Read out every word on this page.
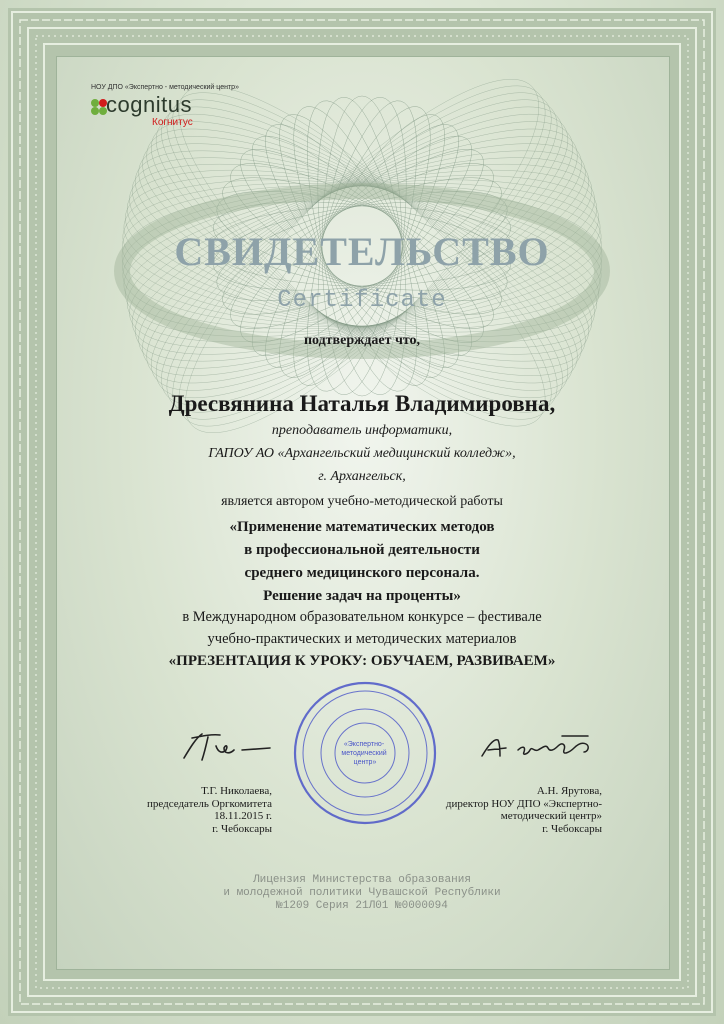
НОУ ДПО «Экспертно - методический центр»
cognitus
Когнитус
СВИДЕТЕЛЬСТВО
Certificate
подтверждает что,
Дресвянина Наталья Владимировна,
преподаватель информатики,
ГАПОУ АО «Архангельский медицинский колледж»,
г. Архангельск,
является автором учебно-методической работы
«Применение математических методов
в профессиональной деятельности
среднего медицинского персонала.
Решение задач на проценты»
в Международном образовательном конкурсе – фестивале
учебно-практических и методических материалов
«ПРЕЗЕНТАЦИЯ К УРОКУ: ОБУЧАЕМ, РАЗВИВАЕМ»
«Экспертно- методический центр»
Т.Г. Николаева,
председатель Оргкомитета
18.11.2015 г.
г. Чебоксары
А.Н. Ярутова,
директор НОУ ДПО «Экспертно-
методический центр»
г. Чебоксары
Лицензия Министерства образования
и молодежной политики Чувашской Республики
№1209 Серия 21Л01 №0000094
